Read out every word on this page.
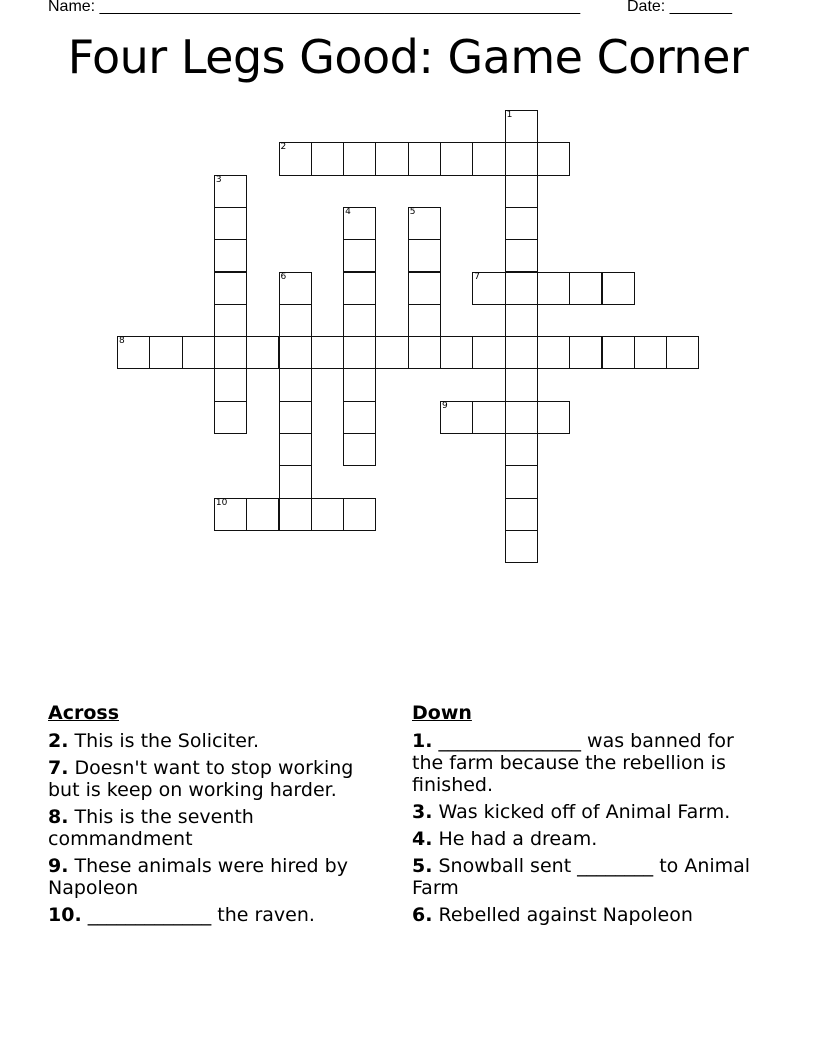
Name: ______________________________________________________

	Date: _______

Four Legs Good: Game Corner
1
2
3
4	5
6	7
8
9
10
Across
2. This is the Soliciter.
7. Doesn't want to stop working but is keep on working harder.
8. This is the seventh commandment
9. These animals were hired by Napoleon
10. _____________ the raven.
Down
1. _______________ was banned for the farm because the rebellion is finished.
3. Was kicked off of Animal Farm.
4. He had a dream.
5. Snowball sent ________ to Animal Farm
6. Rebelled against Napoleon
